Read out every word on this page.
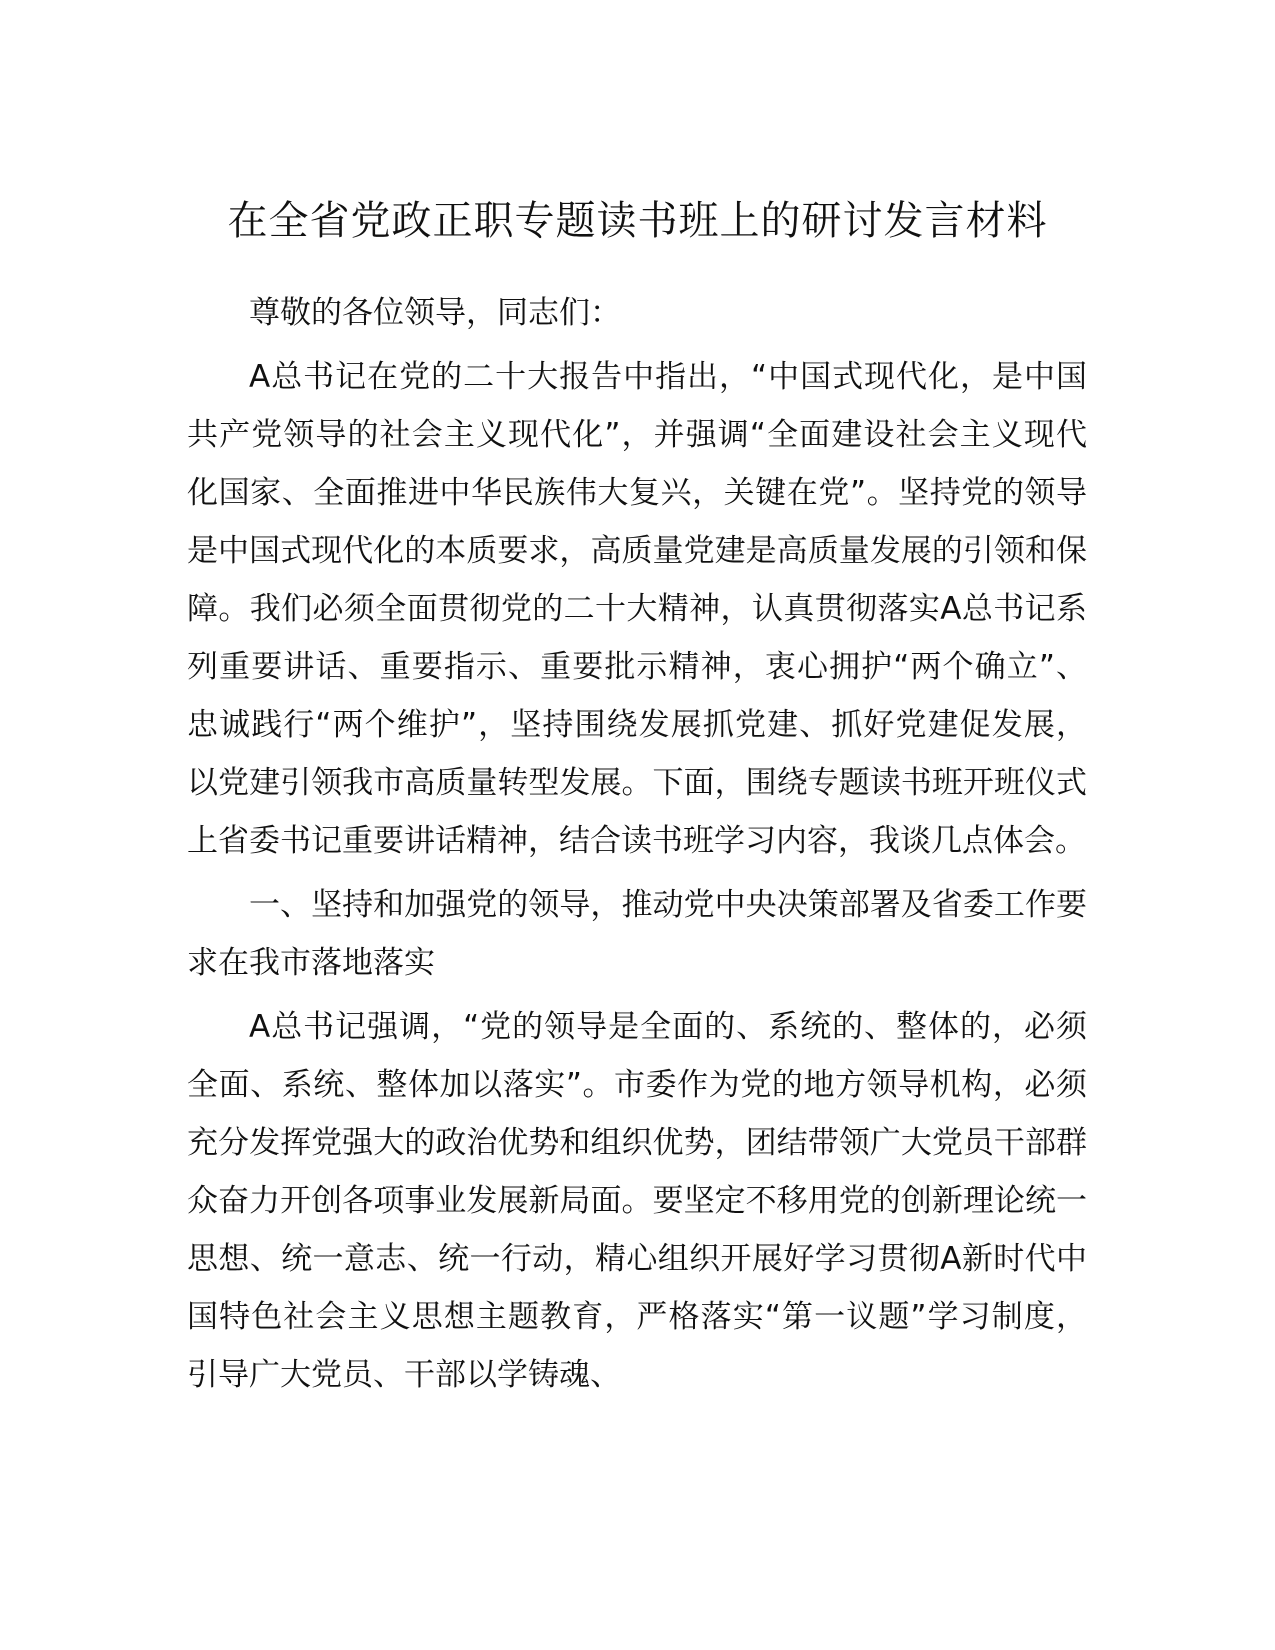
在全省党政正职专题读书班上的研讨发言材料

尊敬的各位领导，同志们：

A总书记在党的二十大报告中指出，“中国式现代化，是中国共产党领导的社会主义现代化”，并强调“全面建设社会主义现代化国家、全面推进中华民族伟大复兴，关键在党”。坚持党的领导是中国式现代化的本质要求，高质量党建是高质量发展的引领和保障。我们必须全面贯彻党的二十大精神，认真贯彻落实A总书记系列重要讲话、重要指示、重要批示精神，衷心拥护“两个确立”、忠诚践行“两个维护”，坚持围绕发展抓党建、抓好党建促发展，以党建引领我市高质量转型发展。下面，围绕专题读书班开班仪式上省委书记重要讲话精神，结合读书班学习内容，我谈几点体会。

一、坚持和加强党的领导，推动党中央决策部署及省委工作要求在我市落地落实

A总书记强调，“党的领导是全面的、系统的、整体的，必须全面、系统、整体加以落实”。市委作为党的地方领导机构，必须充分发挥党强大的政治优势和组织优势，团结带领广大党员干部群众奋力开创各项事业发展新局面。要坚定不移用党的创新理论统一思想、统一意志、统一行动，精心组织开展好学习贯彻A新时代中国特色社会主义思想主题教育，严格落实“第一议题”学习制度，引导广大党员、干部以学铸魂、
